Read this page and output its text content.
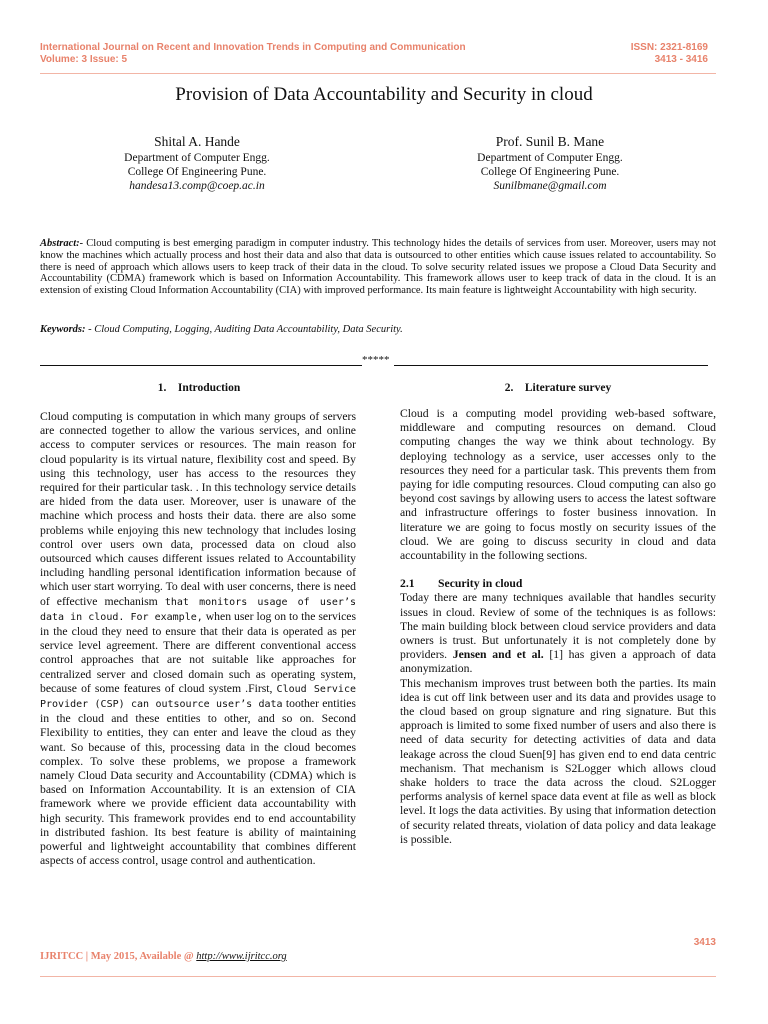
International Journal on Recent and Innovation Trends in Computing and Communication
Volume: 3 Issue: 5
ISSN: 2321-8169
3413 - 3416
Provision of Data Accountability and Security in cloud
Shital A. Hande
Department of Computer Engg.
College Of Engineering Pune.
handesa13.comp@coep.ac.in
Prof. Sunil B. Mane
Department of Computer Engg.
College Of Engineering Pune.
Sunilbmane@gmail.com
Abstract:- Cloud computing is best emerging paradigm in computer industry. This technology hides the details of services from user. Moreover, users may not know the machines which actually process and host their data and also that data is outsourced to other entities which cause issues related to accountability. So there is need of approach which allows users to keep track of their data in the cloud. To solve security related issues we propose a Cloud Data Security and Accountability (CDMA) framework which is based on Information Accountability. This framework allows user to keep track of data in the cloud. It is an extension of existing Cloud Information Accountability (CIA) with improved performance. Its main feature is lightweight Accountability with high security.
Keywords: - Cloud Computing, Logging, Auditing Data Accountability, Data Security.
*****
1.    Introduction	2.    Literature survey

Cloud computing is computation in which many groups of servers are connected together to allow the various services, and online access to computer services or resources. The main reason for cloud popularity is its virtual nature, flexibility cost and speed. By using this technology, user has access to the resources they required for their particular task. . In this technology service details are hided from the data user. Moreover, user is unaware of the machine which process and hosts their data. there are also some problems while enjoying this new technology that includes losing control over users own data, processed data on cloud also outsourced which causes different issues related to Accountability including handling personal identification information because of which user start worrying. To deal with user concerns, there is need of effective mechanism that monitors usage of user’s data in cloud. For example, when user log on to the services in the cloud they need to ensure that their data is operated as per service level agreement. There are different conventional access control approaches that are not suitable like approaches for centralized server and closed domain such as operating system, because of some features of cloud system .First, Cloud Service Provider (CSP) can outsource user’s data toother entities in the cloud and these entities to other, and so on. Second Flexibility to entities, they can enter and leave the cloud as they want. So because of this, processing data in the cloud becomes complex. To solve these problems, we propose a framework namely Cloud Data security and Accountability (CDMA) which is based on Information Accountability. It is an extension of CIA framework where we provide efficient data accountability with high security. This framework provides end to end accountability in distributed fashion. Its best feature is ability of maintaining powerful and lightweight accountability that combines different aspects of access control, usage control and authentication.

Cloud is a computing model providing web-based software, middleware and computing resources on demand. Cloud computing changes the way we think about technology. By deploying technology as a service, user accesses only to the resources they need for a particular task. This prevents them from paying for idle computing resources. Cloud computing can also go beyond cost savings by allowing users to access the latest software and infrastructure offerings to foster business innovation. In literature we are going to focus mostly on security issues of the cloud. We are going to discuss security in cloud and data accountability in the following sections.

2.1 Security in cloud

Today there are many techniques available that handles security issues in cloud. Review of some of the techniques is as follows: The main building block between cloud service providers and data owners is trust. But unfortunately it is not completely done by providers. Jensen and et al. [1] has given a approach of data anonymization.

This mechanism improves trust between both the parties. Its main idea is cut off link between user and its data and provides usage to the cloud based on group signature and ring signature. But this approach is limited to some fixed number of users and also there is need of data security for detecting activities of data and data leakage across the cloud Suen[9] has given end to end data centric mechanism. That mechanism is S2Logger which allows cloud shake holders to trace the data across the cloud. S2Logger performs analysis of kernel space data event at file as well as block level. It logs the data activities. By using that information detection of security related threats, violation of data policy and data leakage is possible.

3413
IJRITCC | May 2015, Available @ http://www.ijritcc.org
